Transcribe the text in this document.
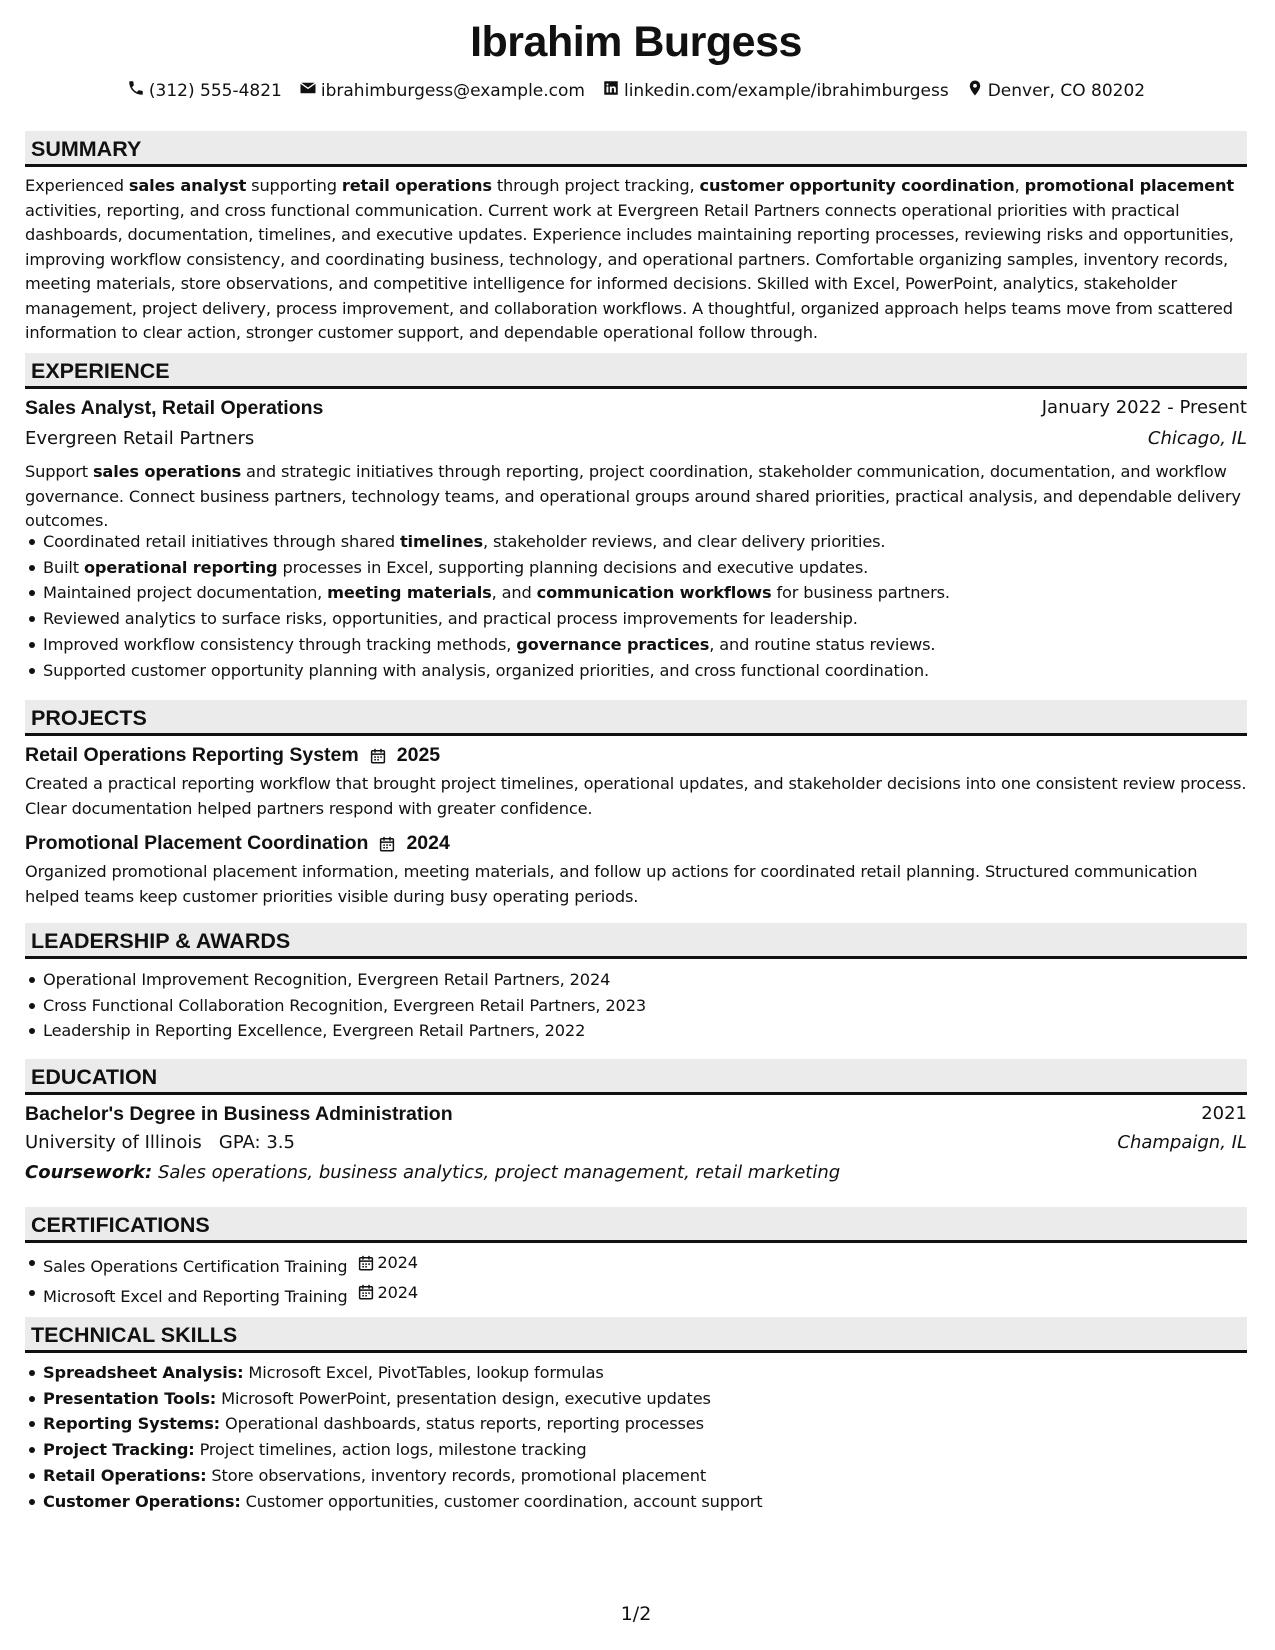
Ibrahim Burgess
(312) 555-4821 ibrahimburgess@example.com linkedin.com/example/ibrahimburgess Denver, CO 80202
SUMMARY
Experienced sales analyst supporting retail operations through project tracking, customer opportunity coordination, promotional placement activities, reporting, and cross functional communication. Current work at Evergreen Retail Partners connects operational priorities with practical dashboards, documentation, timelines, and executive updates. Experience includes maintaining reporting processes, reviewing risks and opportunities, improving workflow consistency, and coordinating business, technology, and operational partners. Comfortable organizing samples, inventory records, meeting materials, store observations, and competitive intelligence for informed decisions. Skilled with Excel, PowerPoint, analytics, stakeholder management, project delivery, process improvement, and collaboration workflows. A thoughtful, organized approach helps teams move from scattered information to clear action, stronger customer support, and dependable operational follow through.
EXPERIENCE
Sales Analyst, Retail Operations	January 2022 - Present
Evergreen Retail Partners	Chicago, IL
Support sales operations and strategic initiatives through reporting, project coordination, stakeholder communication, documentation, and workflow governance. Connect business partners, technology teams, and operational groups around shared priorities, practical analysis, and dependable delivery outcomes.
Coordinated retail initiatives through shared timelines, stakeholder reviews, and clear delivery priorities.
Built operational reporting processes in Excel, supporting planning decisions and executive updates.
Maintained project documentation, meeting materials, and communication workflows for business partners.
Reviewed analytics to surface risks, opportunities, and practical process improvements for leadership.
Improved workflow consistency through tracking methods, governance practices, and routine status reviews.
Supported customer opportunity planning with analysis, organized priorities, and cross functional coordination.
PROJECTS
Retail Operations Reporting System 2025
Created a practical reporting workflow that brought project timelines, operational updates, and stakeholder decisions into one consistent review process. Clear documentation helped partners respond with greater confidence.
Promotional Placement Coordination 2024
Organized promotional placement information, meeting materials, and follow up actions for coordinated retail planning. Structured communication helped teams keep customer priorities visible during busy operating periods.
LEADERSHIP & AWARDS
Operational Improvement Recognition, Evergreen Retail Partners, 2024
Cross Functional Collaboration Recognition, Evergreen Retail Partners, 2023
Leadership in Reporting Excellence, Evergreen Retail Partners, 2022
EDUCATION
Bachelor's Degree in Business Administration	2021
University of Illinois GPA: 3.5	Champaign, IL
Coursework: Sales operations, business analytics, project management, retail marketing
CERTIFICATIONS
Sales Operations Certification Training 2024
Microsoft Excel and Reporting Training 2024
TECHNICAL SKILLS
Spreadsheet Analysis: Microsoft Excel, PivotTables, lookup formulas
Presentation Tools: Microsoft PowerPoint, presentation design, executive updates
Reporting Systems: Operational dashboards, status reports, reporting processes
Project Tracking: Project timelines, action logs, milestone tracking
Retail Operations: Store observations, inventory records, promotional placement
Customer Operations: Customer opportunities, customer coordination, account support
1/2
